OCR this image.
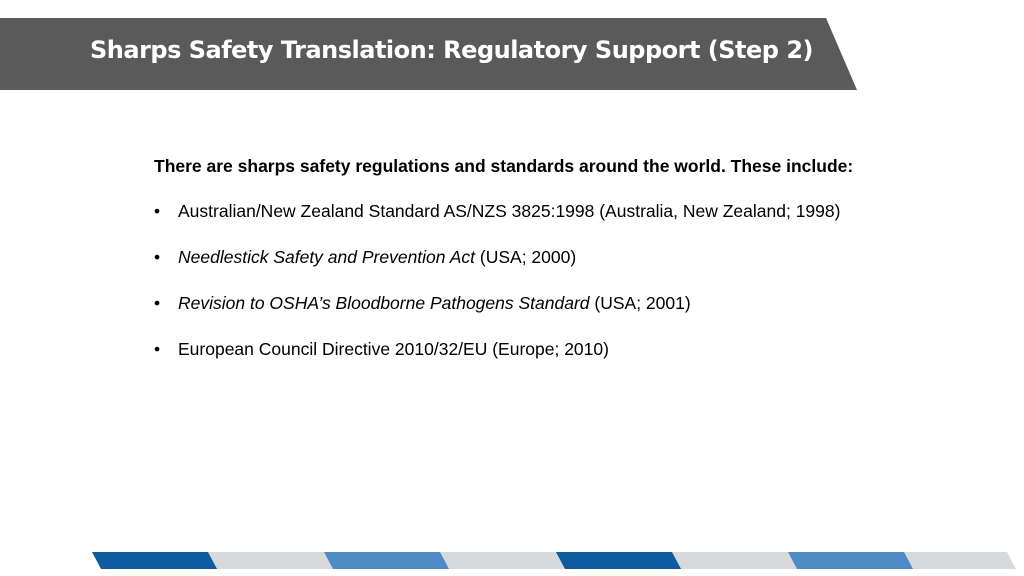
Sharps Safety Translation: Regulatory Support (Step 2)

There are sharps safety regulations and standards around the world. These include:

• Australian/New Zealand Standard AS/NZS 3825:1998 (Australia, New Zealand; 1998)
• Needlestick Safety and Prevention Act (USA; 2000)
• Revision to OSHA’s Bloodborne Pathogens Standard (USA; 2001)
• European Council Directive 2010/32/EU (Europe; 2010)
